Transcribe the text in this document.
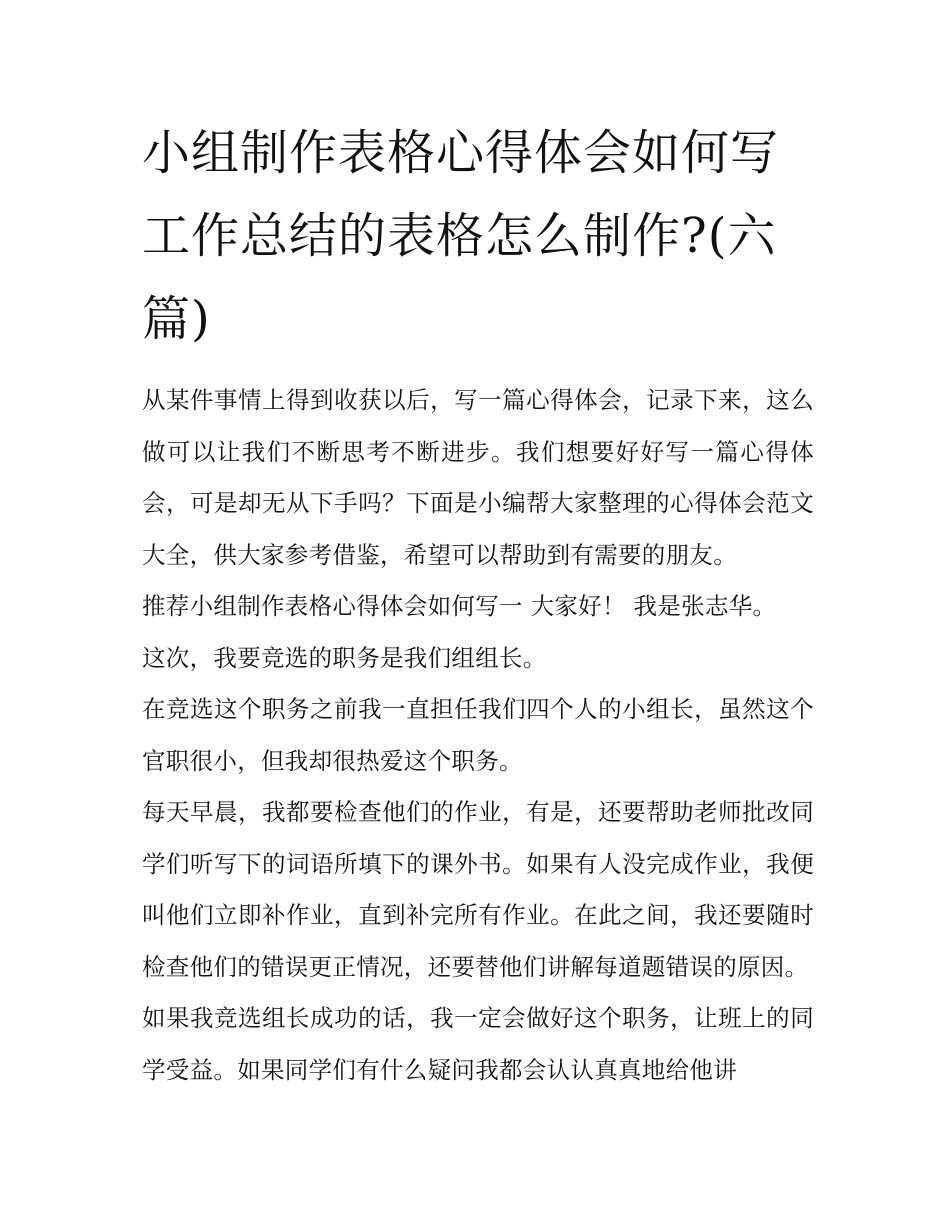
小组制作表格心得体会如何写工作总结的表格怎么制作?(六篇)

从某件事情上得到收获以后，写一篇心得体会，记录下来，这么做可以让我们不断思考不断进步。我们想要好好写一篇心得体会，可是却无从下手吗？下面是小编帮大家整理的心得体会范文大全，供大家参考借鉴，希望可以帮助到有需要的朋友。

推荐小组制作表格心得体会如何写一 大家好！ 我是张志华。

这次，我要竞选的职务是我们组组长。

在竞选这个职务之前我一直担任我们四个人的小组长，虽然这个官职很小，但我却很热爱这个职务。

每天早晨，我都要检查他们的作业，有是，还要帮助老师批改同学们听写下的词语所填下的课外书。如果有人没完成作业，我便叫他们立即补作业，直到补完所有作业。在此之间，我还要随时检查他们的错误更正情况，还要替他们讲解每道题错误的原因。

如果我竞选组长成功的话，我一定会做好这个职务，让班上的同学受益。如果同学们有什么疑问我都会认认真真地给他讲
